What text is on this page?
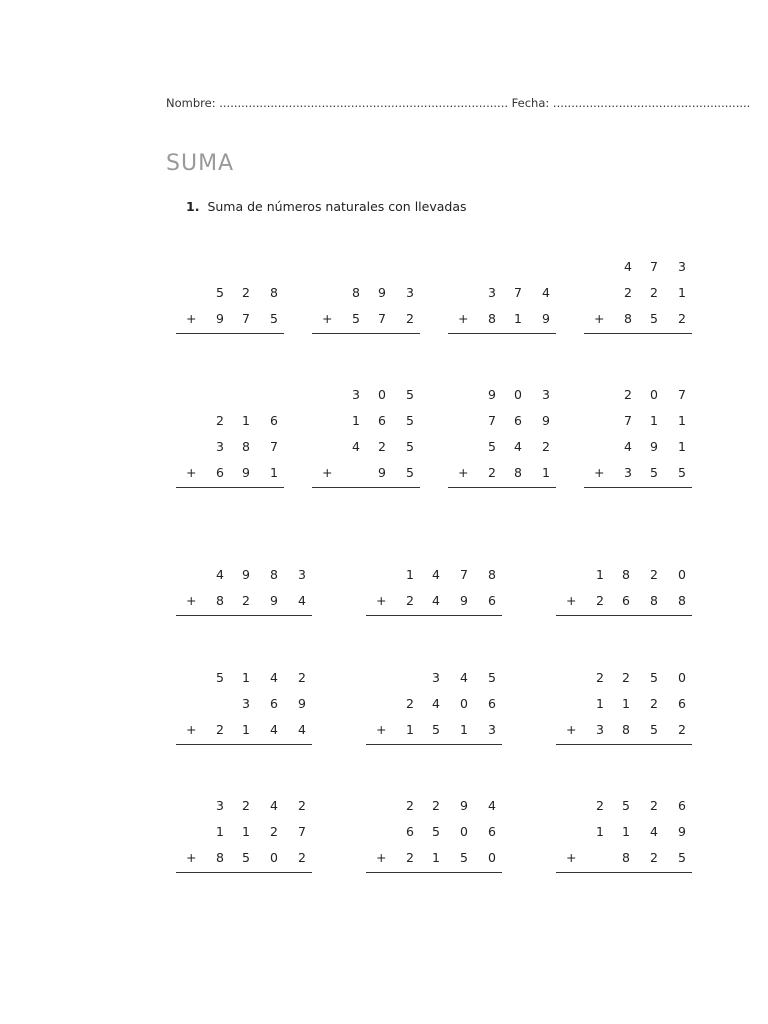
Nombre: ............................................................................... Fecha: ......................................................
SUMA
1. Suma de números naturales con llevadas
5 2 8
+ 9 7 5
8 9 3
+ 5 7 2
3 7 4
+ 8 1 9
4 7 3
2 2 1
+ 8 5 2
2 1 6
3 8 7
+ 6 9 1
3 0 5
1 6 5
4 2 5
+	9 5
9 0 3
7 6 9
5 4 2
+ 2 8 1
2 0 7
7 1 1
4 9 1
+ 3 5 5
4 9 8 3
+ 8 2 9 4
1 4 7 8
+ 2 4 9 6
1 8 2 0
+ 2 6 8 8
5 1 4 2
3 6 9
+ 2 1 4 4
3 4 5
2 4 0 6
+ 1 5 1 3
2 2 5 0
1 1 2 6
+ 3 8 5 2
3 2 4 2
1 1 2 7
+ 8 5 0 2
2 2 9 4
6 5 0 6
+ 2 1 5 0
2 5 2 6
1 1 4 9
+	8 2 5
